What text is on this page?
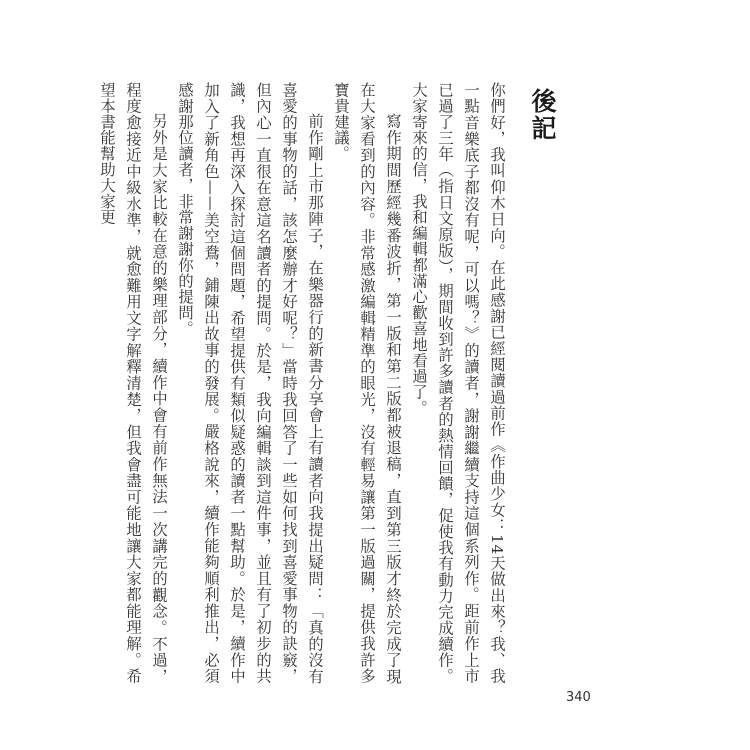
後記

你們好，我叫仰木日向。在此感謝已經閱讀過前作《作曲少女：14天做出來？我、我一點音樂底子都沒有呢，可以嗎？》的讀者，謝謝繼續支持這個系列作。距前作上市已過了三年（指日文原版），期間收到許多讀者的熱情回饋，促使我有動力完成續作。大家寄來的信，我和編輯都滿心歡喜地看過了。

寫作期間歷經幾番波折，第一版和第二版都被退稿，直到第三版才終於完成了現在大家看到的內容。非常感激編輯精準的眼光，沒有輕易讓第一版過關，提供我許多寶貴建議。

前作剛上市那陣子，在樂器行的新書分享會上有讀者向我提出疑問：「真的沒有喜愛的事物的話，該怎麼辦才好呢？」當時我回答了一些如何找到喜愛事物的訣竅，但內心一直很在意這名讀者的提問。於是，我向編輯談到這件事，並且有了初步的共識，我想再深入探討這個問題，希望提供有類似疑惑的讀者一點幫助。於是，續作中加入了新角色——美空鴦，鋪陳出故事的發展。嚴格說來，續作能夠順利推出，必須感謝那位讀者，非常謝謝你的提問。

另外是大家比較在意的樂理部分，續作中會有前作無法一次講完的觀念。不過，程度愈接近中級水準，就愈難用文字解釋清楚，但我會盡可能地讓大家都能理解。希望本書能幫助大家更

340
